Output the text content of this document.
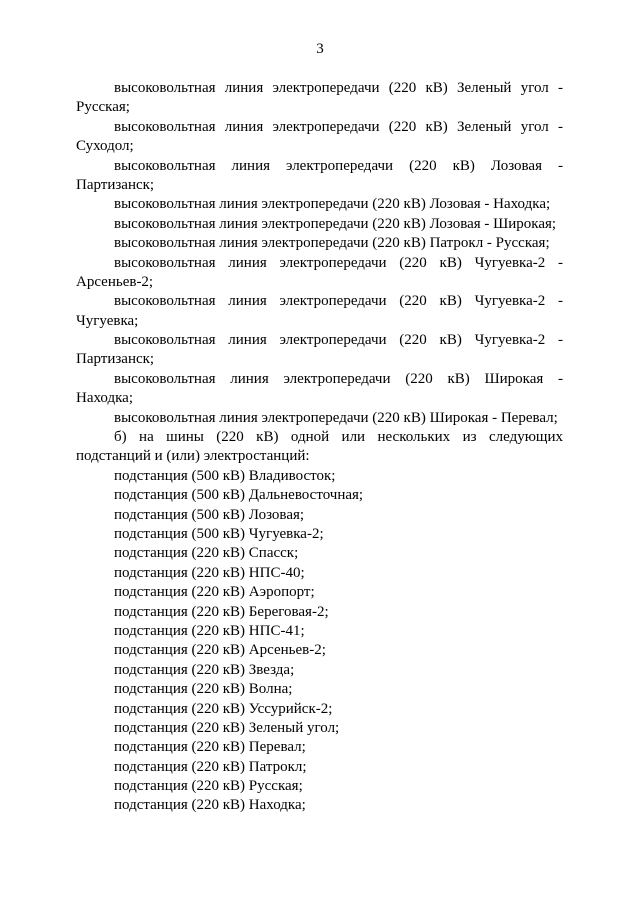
3
высоковольтная линия электропередачи (220 кВ) Зеленый угол -
Русская;
высоковольтная линия электропередачи (220 кВ) Зеленый угол -
Суходол;
высоковольтная линия электропередачи (220 кВ) Лозовая -
Партизанск;
высоковольтная линия электропередачи (220 кВ) Лозовая - Находка;
высоковольтная линия электропередачи (220 кВ) Лозовая - Широкая;
высоковольтная линия электропередачи (220 кВ) Патрокл - Русская;
высоковольтная линия электропередачи (220 кВ) Чугуевка-2 -
Арсеньев-2;
высоковольтная линия электропередачи (220 кВ) Чугуевка-2 -
Чугуевка;
высоковольтная линия электропередачи (220 кВ) Чугуевка-2 -
Партизанск;
высоковольтная линия электропередачи (220 кВ) Широкая -
Находка;
высоковольтная линия электропередачи (220 кВ) Широкая - Перевал;
б) на шины (220 кВ) одной или нескольких из следующих
подстанций и (или) электростанций:
подстанция (500 кВ) Владивосток;
подстанция (500 кВ) Дальневосточная;
подстанция (500 кВ) Лозовая;
подстанция (500 кВ) Чугуевка-2;
подстанция (220 кВ) Спасск;
подстанция (220 кВ) НПС-40;
подстанция (220 кВ) Аэропорт;
подстанция (220 кВ) Береговая-2;
подстанция (220 кВ) НПС-41;
подстанция (220 кВ) Арсеньев-2;
подстанция (220 кВ) Звезда;
подстанция (220 кВ) Волна;
подстанция (220 кВ) Уссурийск-2;
подстанция (220 кВ) Зеленый угол;
подстанция (220 кВ) Перевал;
подстанция (220 кВ) Патрокл;
подстанция (220 кВ) Русская;
подстанция (220 кВ) Находка;
